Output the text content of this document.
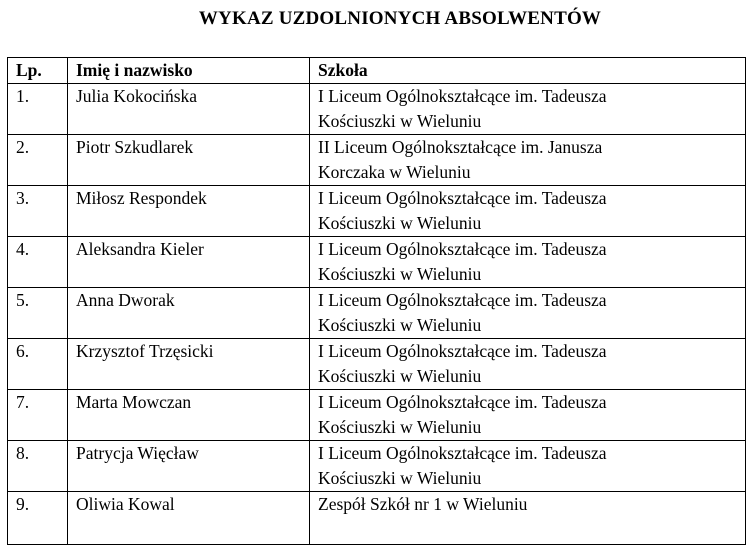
WYKAZ UZDOLNIONYCH ABSOLWENTÓW
Lp.	Imię i nazwisko	Szkoła
1.	Julia Kokocińska	I Liceum Ogólnokształcące im. Tadeusza
Kościuszki w Wieluniu

2.	Piotr Szkudlarek	II Liceum Ogólnokształcące im. Janusza
Korczaka w Wieluniu

3.	Miłosz Respondek	I Liceum Ogólnokształcące im. Tadeusza
Kościuszki w Wieluniu

4.	Aleksandra Kieler	I Liceum Ogólnokształcące im. Tadeusza
Kościuszki w Wieluniu

5.	Anna Dworak	I Liceum Ogólnokształcące im. Tadeusza
Kościuszki w Wieluniu

6.	Krzysztof Trzęsicki	I Liceum Ogólnokształcące im. Tadeusza
Kościuszki w Wieluniu

7.	Marta Mowczan	I Liceum Ogólnokształcące im. Tadeusza
Kościuszki w Wieluniu

8.	Patrycja Więcław	I Liceum Ogólnokształcące im. Tadeusza
Kościuszki w Wieluniu

9.	Oliwia Kowal	Zespół Szkół nr 1 w Wieluniu
